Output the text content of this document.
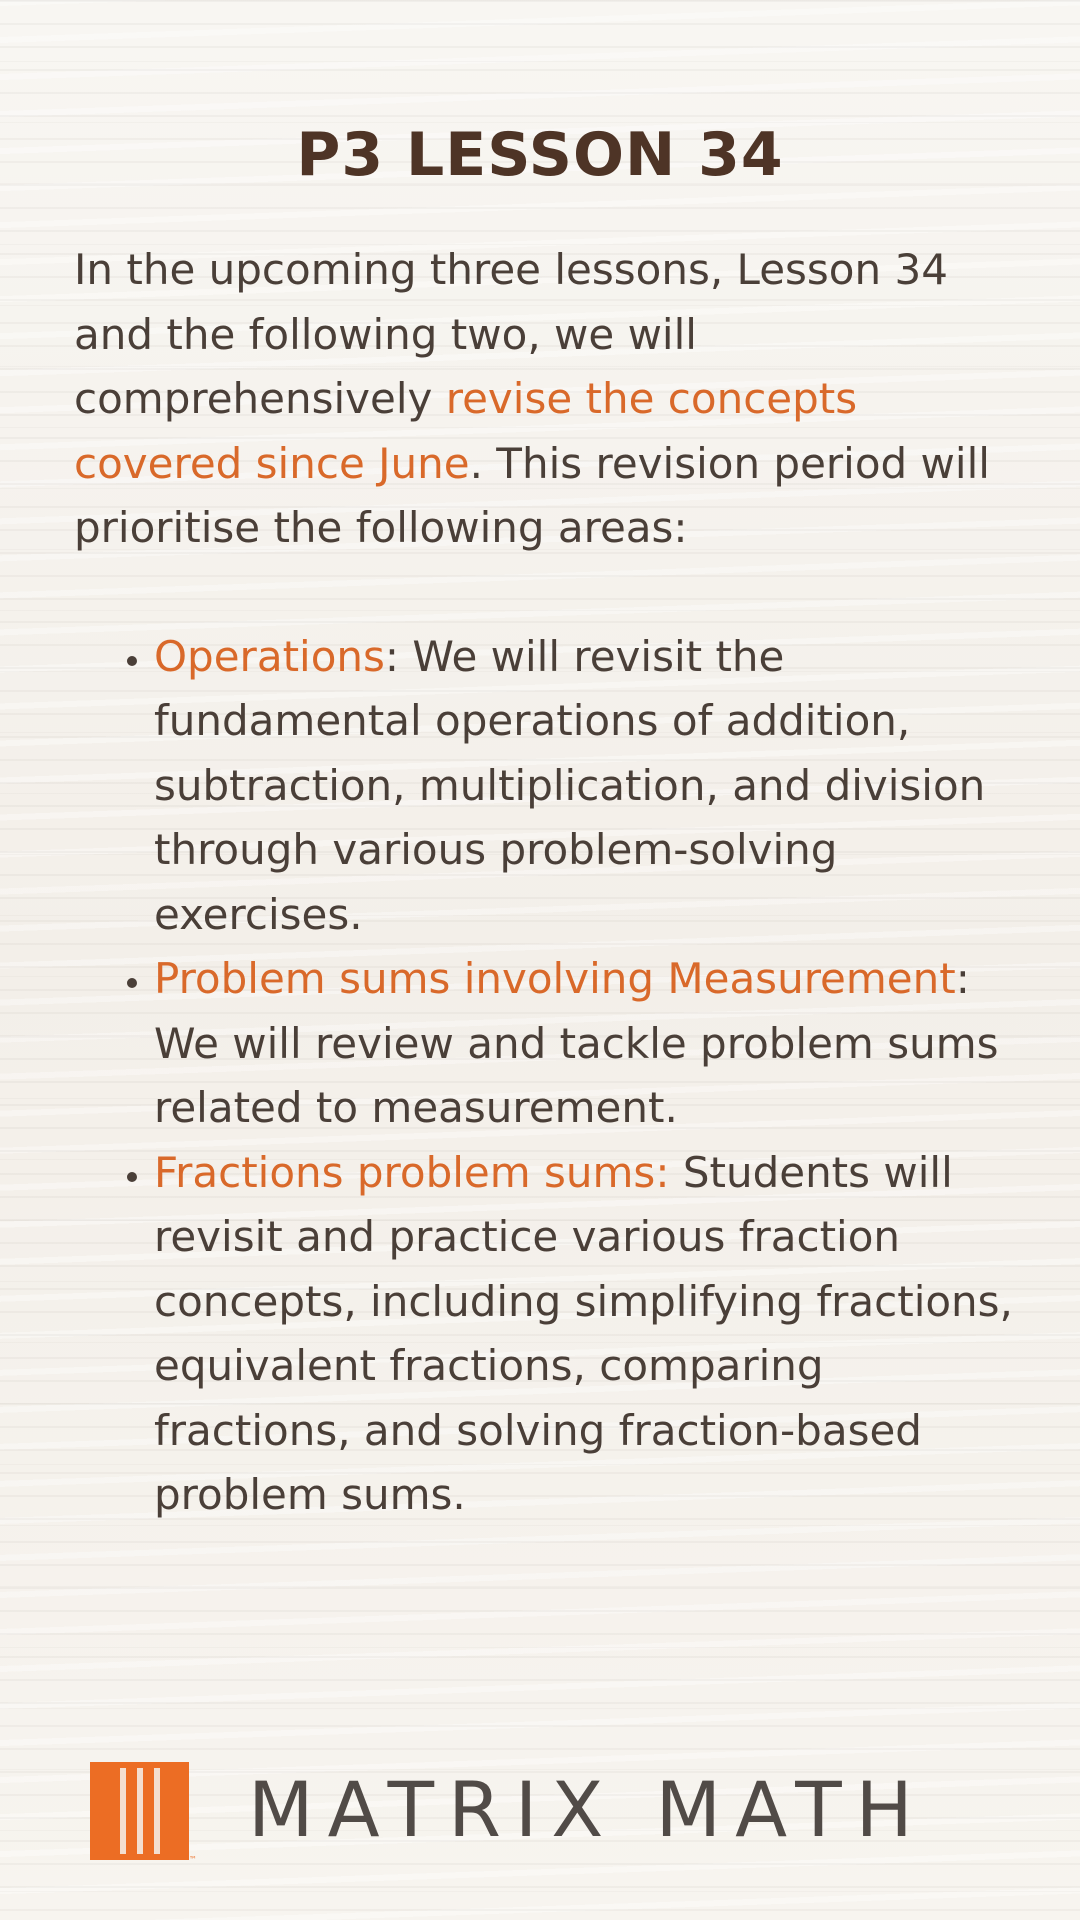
P3 LESSON 34

In the upcoming three lessons, Lesson 34 and the following two, we will comprehensively revise the concepts covered since June. This revision period will prioritise the following areas:

• Operations: We will revisit the fundamental operations of addition, subtraction, multiplication, and division through various problem-solving exercises.
• Problem sums involving Measurement: We will review and tackle problem sums related to measurement.
• Fractions problem sums: Students will revisit and practice various fraction concepts, including simplifying fractions, equivalent fractions, comparing fractions, and solving fraction-based problem sums.
™
MATRIX MATH
